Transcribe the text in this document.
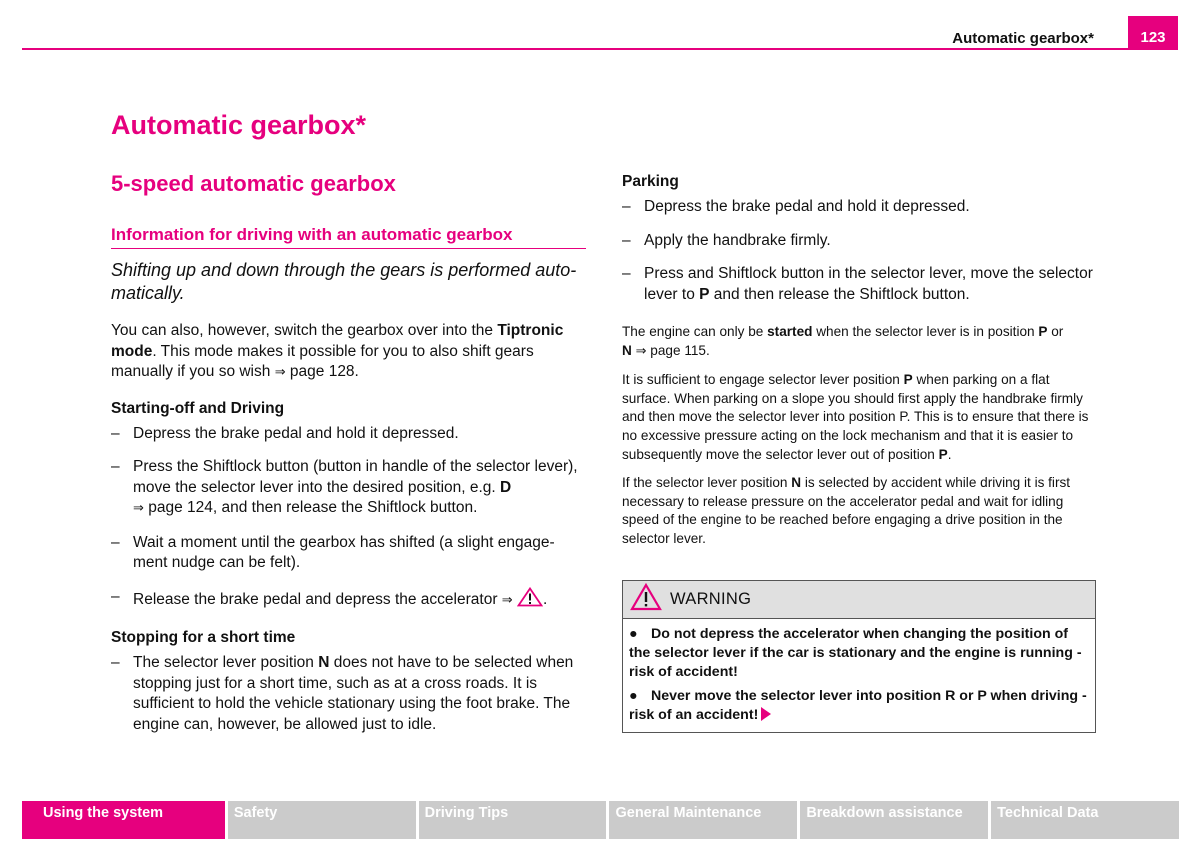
Automatic gearbox*	123
Automatic gearbox*
5-speed automatic gearbox
Information for driving with an automatic gearbox

Shifting up and down through the gears is performed auto-matically.

You can also, however, switch the gearbox over into the Tiptronic mode. This mode makes it possible for you to also shift gears manually if you so wish ⇒ page 128.

Starting-off and Driving

– Depress the brake pedal and hold it depressed.
– Press the Shiftlock button (button in handle of the selector lever), move the selector lever into the desired position, e.g. D
⇒ page 124, and then release the Shiftlock button.
– Wait a moment until the gearbox has shifted (a slight engage-ment nudge can be felt).
– Release the brake pedal and depress the accelerator ⇒ .

Stopping for a short time

– The selector lever position N does not have to be selected when stopping just for a short time, such as at a cross roads. It is sufficient to hold the vehicle stationary using the foot brake. The engine can, however, be allowed just to idle.

Parking

– Depress the brake pedal and hold it depressed.
– Apply the handbrake firmly.
– Press and Shiftlock button in the selector lever, move the selector lever to P and then release the Shiftlock button.

The engine can only be started when the selector lever is in position P or
N ⇒ page 115.

It is sufficient to engage selector lever position P when parking on a flat surface. When parking on a slope you should first apply the handbrake firmly and then move the selector lever into position P. This is to ensure that there is no excessive pressure acting on the lock mechanism and that it is easier to subsequently move the selector lever out of position P.

If the selector lever position N is selected by accident while driving it is first necessary to release pressure on the accelerator pedal and wait for idling speed of the engine to be reached before engaging a drive position in the selector lever.

WARNING

● Do not depress the accelerator when changing the position of the selector lever if the car is stationary and the engine is running - risk of accident!

● Never move the selector lever into position R or P when driving - risk of an accident!

Using the system	Safety	Driving Tips	General Maintenance	Breakdown assistance	Technical Data
